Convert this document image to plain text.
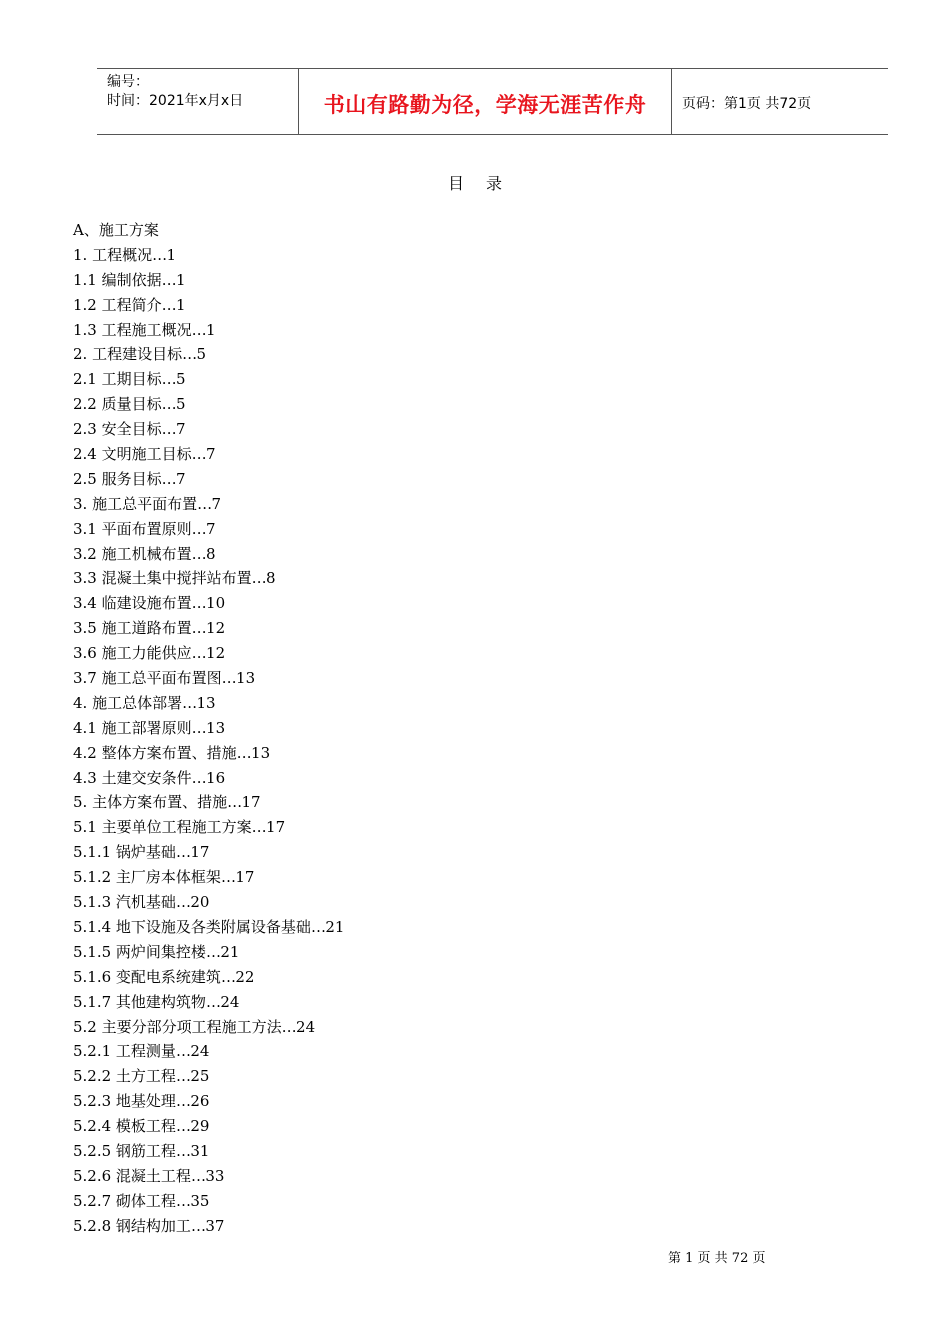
编号：
时间：2021年x月x日	书山有路勤为径，学海无涯苦作舟	页码：第1页 共72页
目录
A、施工方案
1. 工程概况…1
1.1 编制依据…1
1.2 工程简介…1
1.3 工程施工概况…1
2. 工程建设目标…5
2.1 工期目标…5
2.2 质量目标…5
2.3 安全目标…7
2.4 文明施工目标…7
2.5 服务目标…7
3. 施工总平面布置…7
3.1 平面布置原则…7
3.2 施工机械布置…8
3.3 混凝土集中搅拌站布置…8
3.4 临建设施布置…10
3.5 施工道路布置…12
3.6 施工力能供应…12
3.7 施工总平面布置图…13
4. 施工总体部署…13
4.1 施工部署原则…13
4.2 整体方案布置、措施…13
4.3 土建交安条件…16
5. 主体方案布置、措施…17
5.1 主要单位工程施工方案…17
5.1.1 锅炉基础…17
5.1.2 主厂房本体框架…17
5.1.3 汽机基础…20
5.1.4 地下设施及各类附属设备基础…21
5.1.5 两炉间集控楼…21
5.1.6 变配电系统建筑…22
5.1.7 其他建构筑物…24
5.2 主要分部分项工程施工方法…24
5.2.1 工程测量…24
5.2.2 土方工程…25
5.2.3 地基处理…26
5.2.4 模板工程…29
5.2.5 钢筋工程…31
5.2.6 混凝土工程…33
5.2.7 砌体工程…35
5.2.8 钢结构加工…37
第 1 页 共 72 页
